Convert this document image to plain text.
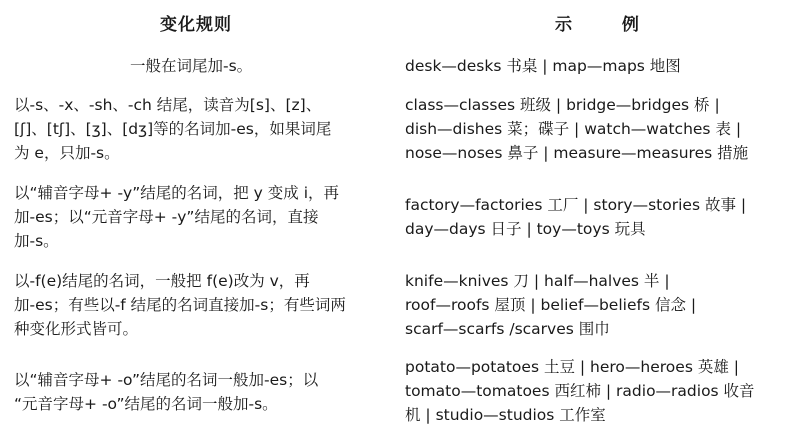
变化规则	示 例
一般在词尾加-s。	desk—desks 书桌 | map—maps 地图
以-s、-x、-sh、-ch 结尾，读音为[s]、[z]、
[ʃ]、[tʃ]、[ʒ]、[dʒ]等的名词加-es，如果词尾
为 e，只加-s。
class—classes 班级 | bridge—bridges 桥 |
dish—dishes 菜；碟子 | watch—watches 表 |
nose—noses 鼻子 | measure—measures 措施
以“辅音字母+ -y”结尾的名词，把 y 变成 i，再
加-es；以“元音字母+ -y”结尾的名词，直接
加-s。
factory—factories 工厂 | story—stories 故事 |
day—days 日子 | toy—toys 玩具
以-f(e)结尾的名词，一般把 f(e)改为 v，再
加-es；有些以-f 结尾的名词直接加-s；有些词两
种变化形式皆可。
knife—knives 刀 | half—halves 半 |
roof—roofs 屋顶 | belief—beliefs 信念 |
scarf—scarfs /scarves 围巾
以“辅音字母+ -o”结尾的名词一般加-es；以
“元音字母+ -o”结尾的名词一般加-s。
potato—potatoes 土豆 | hero—heroes 英雄 |
tomato—tomatoes 西红柿 | radio—radios 收音
机 | studio—studios 工作室
